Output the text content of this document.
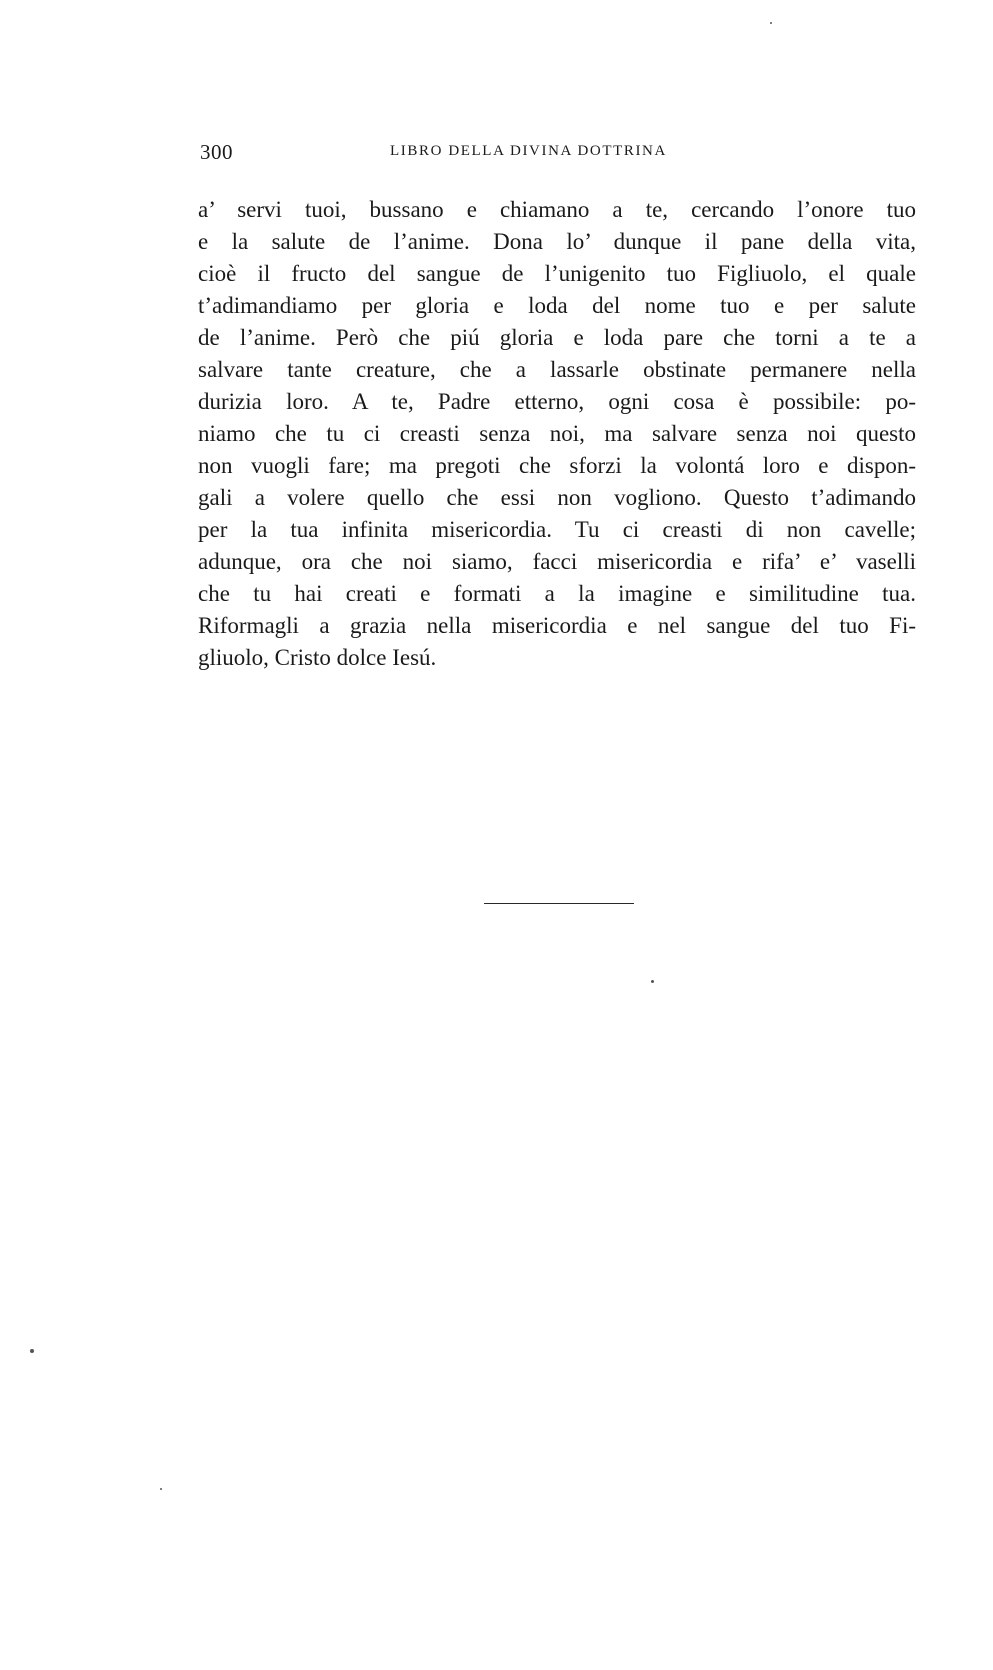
300	LIBRO DELLA DIVINA DOTTRINA
a’ servi tuoi, bussano e chiamano a te, cercando l’onore tuo
e la salute de l’anime. Dona lo’ dunque il pane della vita,
cioè il fructo del sangue de l’unigenito tuo Figliuolo, el quale
t’adimandiamo per gloria e loda del nome tuo e per salute
de l’anime. Però che piú gloria e loda pare che torni a te a
salvare tante creature, che a lassarle obstinate permanere nella
durizia loro. A te, Padre etterno, ogni cosa è possibile: po-
niamo che tu ci creasti senza noi, ma salvare senza noi questo
non vuogli fare; ma pregoti che sforzi la volontá loro e dispon-
gali a volere quello che essi non vogliono. Questo t’adimando
per la tua infinita misericordia. Tu ci creasti di non cavelle;
adunque, ora che noi siamo, facci misericordia e rifa’ e’ vaselli
che tu hai creati e formati a la imagine e similitudine tua.
Riformagli a grazia nella misericordia e nel sangue del tuo Fi-
gliuolo, Cristo dolce Iesú.
